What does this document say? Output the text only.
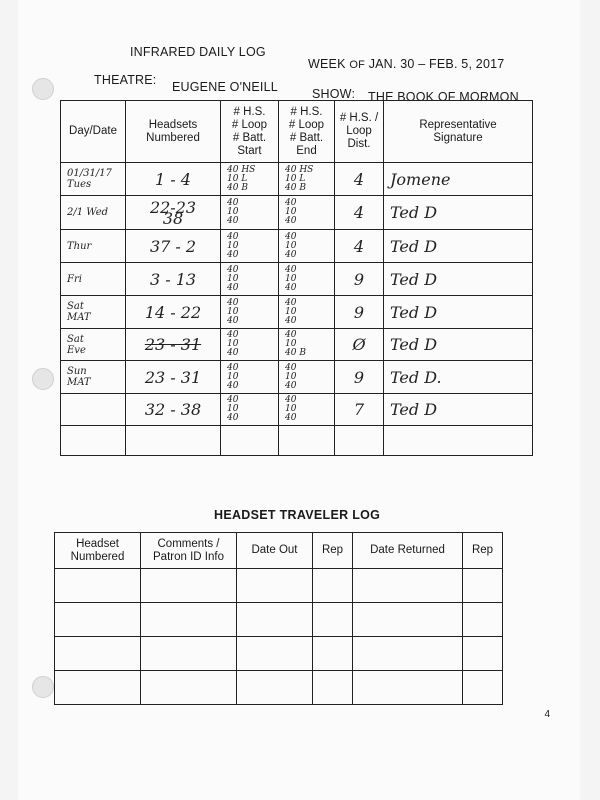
INFRARED DAILY LOG
WEEK OF JAN. 30 – FEB. 5, 2017
THEATRE: EUGENE O'NEILL	SHOW: THE BOOK OF MORMON
Day/Date	Headsets
Numbered	# H.S.
# Loop
# Batt.
Start	# H.S.
# Loop
# Batt.
End	# H.S. /
Loop
Dist.	Representative
Signature

01/31/17
Tues	1 - 4	40 HS
10 L
40 B	40 HS
10 L
40 B	4	Jomene

2/1 Wed	22-23
38	40
10
40	40
10
40	4	Ted D

Thur	37 - 2	40
10
40	40
10
40	4	Ted D

Fri	3 - 13	40
10
40	40
10
40	9	Ted D

Sat
MAT	14 - 22	40
10
40	40
10
40	9	Ted D

Sat
Eve	23 - 31	40
10
40	40
10
40 B	Ø	Ted D

Sun
MAT	23 - 31	40
10
40	40
10
40	9	Ted D.

	32 - 38	40
10
40	40
10
40	7	Ted D

HEADSET TRAVELER LOG
Headset
Numbered	Comments /
Patron ID Info	Date Out	Rep	Date Returned	Rep

4
